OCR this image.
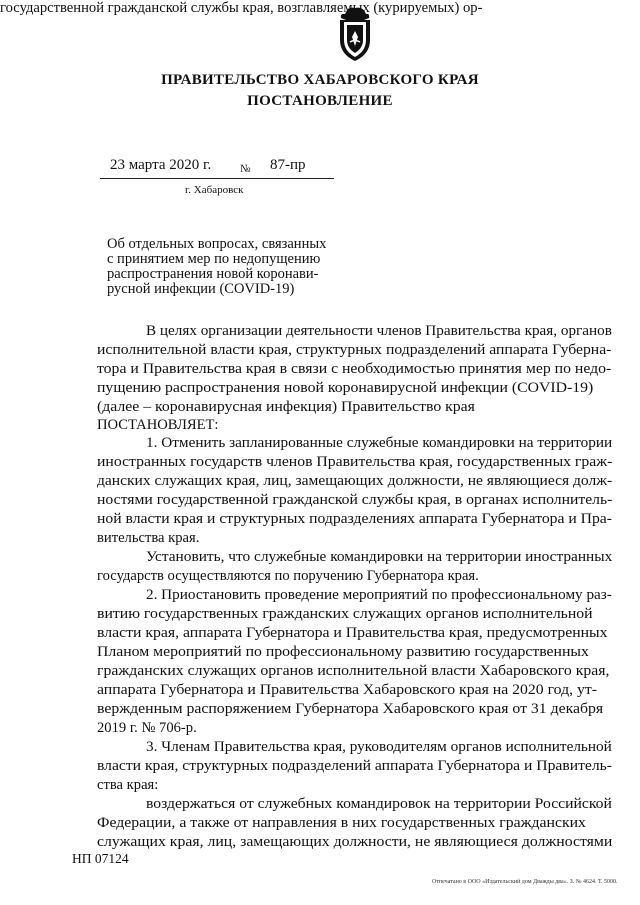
ПРАВИТЕЛЬСТВО ХАБАРОВСКОГО КРАЯ
ПОСТАНОВЛЕНИЕ
23 марта 2020 г.	№ 87-пр
г. Хабаровск
Об отдельных вопросах, связанных
с принятием мер по недопущению
распространения новой коронави-
русной инфекции (COVID-19)
В целях организации деятельности членов Правительства края, органов
исполнительной власти края, структурных подразделений аппарата Губерна-
тора и Правительства края в связи с необходимостью принятия мер по недо-
пущению распространения новой коронавирусной инфекции (COVID-19)
(далее – коронавирусная инфекция) Правительство края
ПОСТАНОВЛЯЕТ:
1. Отменить запланированные служебные командировки на территории
иностранных государств членов Правительства края, государственных граж-
данских служащих края, лиц, замещающих должности, не являющиеся долж-
ностями государственной гражданской службы края, в органах исполнитель-
ной власти края и структурных подразделениях аппарата Губернатора и Пра-
вительства края.
Установить, что служебные командировки на территории иностранных
государств осуществляются по поручению Губернатора края.
2. Приостановить проведение мероприятий по профессиональному раз-
витию государственных гражданских служащих органов исполнительной
власти края, аппарата Губернатора и Правительства края, предусмотренных
Планом мероприятий по профессиональному развитию государственных
гражданских служащих органов исполнительной власти Хабаровского края,
аппарата Губернатора и Правительства Хабаровского края на 2020 год, ут-
вержденным распоряжением Губернатора Хабаровского края от 31 декабря
2019 г. № 706-р.
3. Членам Правительства края, руководителям органов исполнительной
власти края, структурных подразделений аппарата Губернатора и Правитель-
ства края:
воздержаться от служебных командировок на территории Российской
Федерации, а также от направления в них государственных гражданских
служащих края, лиц, замещающих должности, не являющиеся должностями
государственной гражданской службы края, возглавляемых (курируемых) ор-
НП 07124
Отпечатано в ООО «Издательский дом Дважды два». З. № 4624. Т. 5000.
